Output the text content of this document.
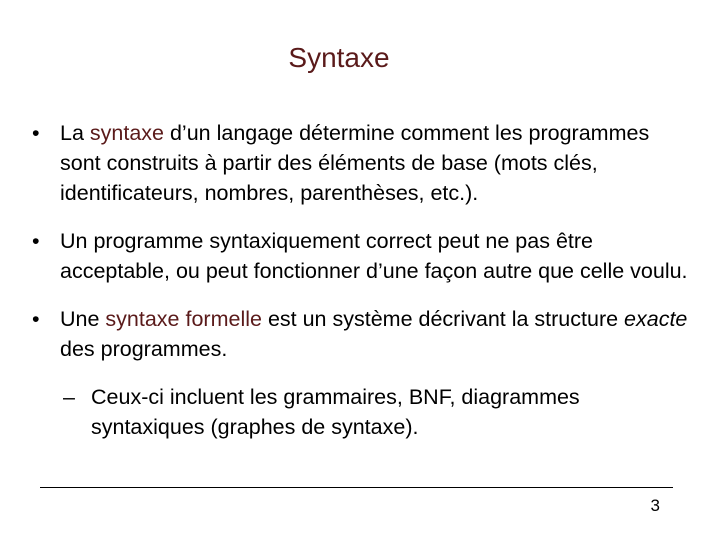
Syntaxe
• La syntaxe d’un langage détermine comment les programmes sont construits à partir des éléments de base (mots clés, identificateurs, nombres, parenthèses, etc.).
• Un programme syntaxiquement correct peut ne pas être acceptable, ou peut fonctionner d’une façon autre que celle voulu.
• Une syntaxe formelle est un système décrivant la structure exacte des programmes.
– Ceux-ci incluent les grammaires, BNF, diagrammes syntaxiques (graphes de syntaxe).
3
